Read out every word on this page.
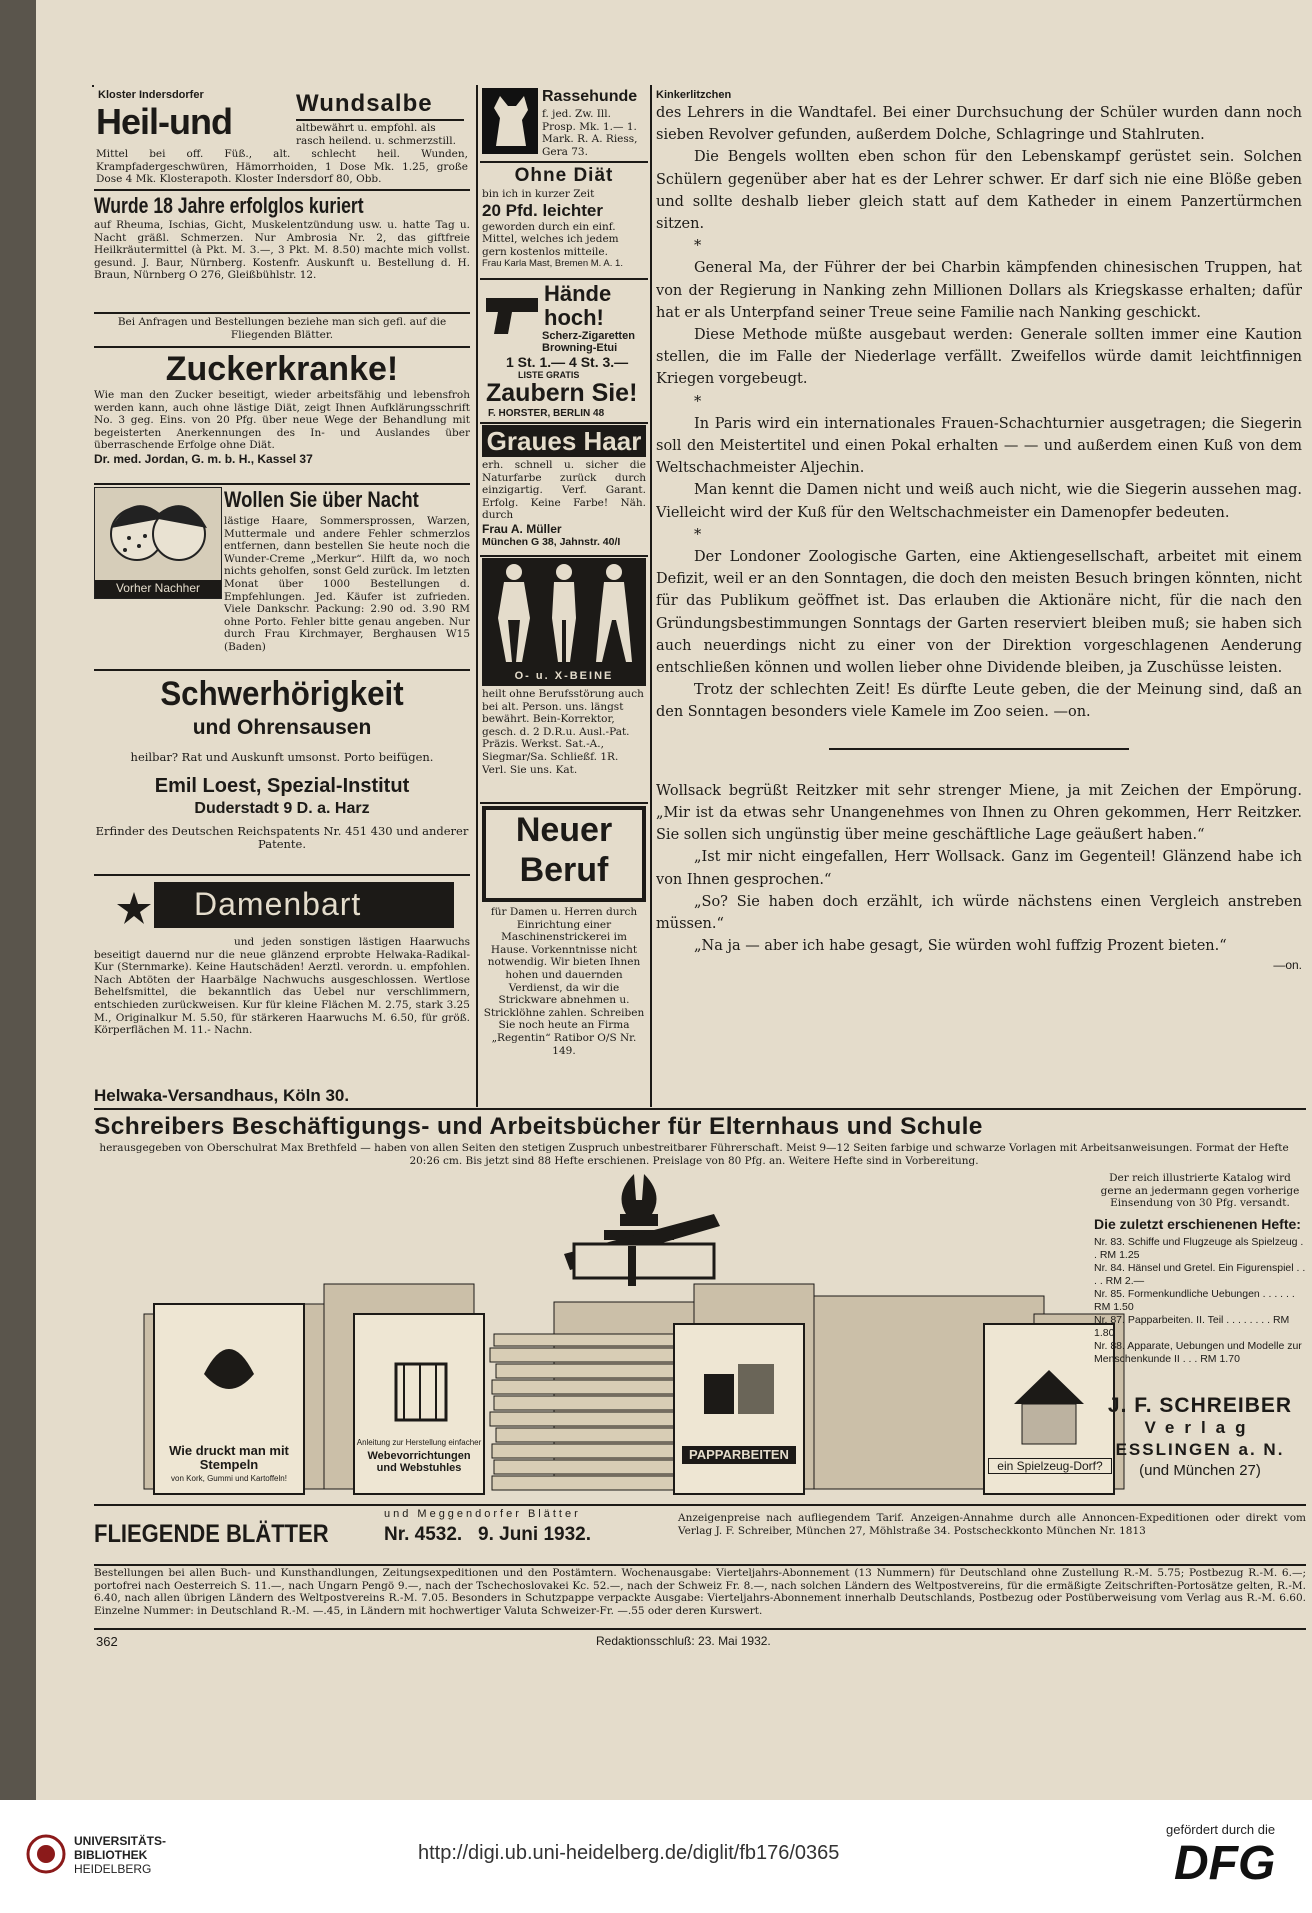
Kloster Indersdorfer
Heil-und	Wundsalbe
altbewährt u. empfohl. als rasch heilend. u. schmerzstill.
Mittel bei off. Füß., alt. schlecht heil. Wunden, Krampfadergeschwüren, Hämorrhoiden, 1 Dose Mk. 1.25, große Dose 4 Mk. Klosterapoth. Kloster Indersdorf 80, Obb.
Wurde 18 Jahre erfolglos kuriert
auf Rheuma, Ischias, Gicht, Muskelentzündung usw. u. hatte Tag u. Nacht gräßl. Schmerzen. Nur Ambrosia Nr. 2, das giftfreie Heilkräutermittel (à Pkt. M. 3.—, 3 Pkt. M. 8.50) machte mich vollst. gesund. J. Baur, Nürnberg. Kostenfr. Auskunft u. Bestellung d. H. Braun, Nürnberg O 276, Gleißbühlstr. 12.
Bei Anfragen und Bestellungen beziehe man sich gefl. auf die Fliegenden Blätter.
Zuckerkranke!
Wie man den Zucker beseitigt, wieder arbeitsfähig und lebensfroh werden kann, auch ohne lästige Diät, zeigt Ihnen Aufklärungsschrift No. 3 geg. Eins. von 20 Pfg. über neue Wege der Behandlung mit begeisterten Anerkennungen des In- und Auslandes über überraschende Erfolge ohne Diät.
Dr. med. Jordan, G. m. b. H., Kassel 37
Vorher Nachher
Wollen Sie über Nacht
lästige Haare, Sommersprossen, Warzen, Muttermale und andere Fehler schmerzlos entfernen, dann bestellen Sie heute noch die Wunder-Creme „Merkur“. Hilft da, wo noch nichts geholfen, sonst Geld zurück. Im letzten Monat über 1000 Bestellungen d. Empfehlungen. Jed. Käufer ist zufrieden. Viele Dankschr. Packung: 2.90 od. 3.90 RM ohne Porto. Fehler bitte genau angeben. Nur durch Frau Kirchmayer, Berghausen W15 (Baden)
Schwerhörigkeit
und Ohrensausen
heilbar? Rat und Auskunft umsonst. Porto beifügen.
Emil Loest, Spezial-Institut
Duderstadt 9 D. a. Harz
Erfinder des Deutschen Reichspatents Nr. 451 430 und anderer Patente.
Damenbart
und jeden sonstigen lästigen Haarwuchs beseitigt dauernd nur die neue glänzend erprobte Helwaka-Radikal-Kur (Sternmarke). Keine Hautschäden! Aerztl. verordn. u. empfohlen. Nach Abtöten der Haarbälge Nachwuchs ausgeschlossen. Wertlose Behelfsmittel, die bekanntlich das Uebel nur verschlimmern, entschieden zurückweisen. Kur für kleine Flächen M. 2.75, stark 3.25 M., Originalkur M. 5.50, für stärkeren Haarwuchs M. 6.50, für größ. Körperflächen M. 11.- Nachn.
Helwaka-Versandhaus, Köln 30.
Rassehunde
f. jed. Zw. Ill. Prosp. Mk. 1.— 1. Mark. R. A. Riess, Gera 73.
Ohne Diät
bin ich in kurzer Zeit
20 Pfd. leichter
geworden durch ein einf. Mittel, welches ich jedem gern kostenlos mitteile.
Frau Karla Mast, Bremen M. A. 1.
Hände hoch!
Scherz-Zigaretten Browning-Etui
1 St. 1.— 4 St. 3.—
LISTE GRATIS
Zaubern Sie!
F. HORSTER, BERLIN 48
Graues Haar
erh. schnell u. sicher die Naturfarbe zurück durch einzigartig. Verf. Garant. Erfolg. Keine Farbe! Näh. durch
Frau A. Müller
München G 38, Jahnstr. 40/I
O- u. X-BEINE
heilt ohne Berufsstörung auch bei alt. Person. uns. längst bewährt. Bein-Korrektor, gesch. d. 2 D.R.u. Ausl.-Pat. Präzis. Werkst. Sat.-A., Siegmar/Sa. Schließf. 1R. Verl. Sie uns. Kat.
Neuer
Beruf
für Damen u. Herren durch Einrichtung einer Maschinenstrickerei im Hause. Vorkenntnisse nicht notwendig. Wir bieten Ihnen hohen und dauernden Verdienst, da wir die Strickware abnehmen u. Stricklöhne zahlen. Schreiben Sie noch heute an Firma „Regentin“ Ratibor O/S Nr. 149.
Kinkerlitzchen

des Lehrers in die Wandtafel. Bei einer Durchsuchung der Schüler wurden dann noch sieben Revolver gefunden, außerdem Dolche, Schlagringe und Stahlruten.

Die Bengels wollten eben schon für den Lebenskampf gerüstet sein. Solchen Schülern gegenüber aber hat es der Lehrer schwer. Er darf sich nie eine Blöße geben und sollte deshalb lieber gleich statt auf dem Katheder in einem Panzertürmchen sitzen.

*

General Ma, der Führer der bei Charbin kämpfenden chinesischen Truppen, hat von der Regierung in Nanking zehn Millionen Dollars als Kriegskasse erhalten; dafür hat er als Unterpfand seiner Treue seine Familie nach Nanking geschickt.

Diese Methode müßte ausgebaut werden: Generale sollten immer eine Kaution stellen, die im Falle der Niederlage verfällt. Zweifellos würde damit leichtfinnigen Kriegen vorgebeugt.

*

In Paris wird ein internationales Frauen-Schachturnier ausgetragen; die Siegerin soll den Meistertitel und einen Pokal erhalten — — und außerdem einen Kuß von dem Weltschachmeister Aljechin.

Man kennt die Damen nicht und weiß auch nicht, wie die Siegerin aussehen mag. Vielleicht wird der Kuß für den Weltschachmeister ein Damenopfer bedeuten.

*

Der Londoner Zoologische Garten, eine Aktiengesellschaft, arbeitet mit einem Defizit, weil er an den Sonntagen, die doch den meisten Besuch bringen könnten, nicht für das Publikum geöffnet ist. Das erlauben die Aktionäre nicht, für die nach den Gründungsbestimmungen Sonntags der Garten reserviert bleiben muß; sie haben sich auch neuerdings nicht zu einer von der Direktion vorgeschlagenen Aenderung entschließen können und wollen lieber ohne Dividende bleiben, ja Zuschüsse leisten.

Trotz der schlechten Zeit! Es dürfte Leute geben, die der Meinung sind, daß an den Sonntagen besonders viele Kamele im Zoo seien. —on.

Wollsack begrüßt Reitzker mit sehr strenger Miene, ja mit Zeichen der Empörung. „Mir ist da etwas sehr Unangenehmes von Ihnen zu Ohren gekommen, Herr Reitzker. Sie sollen sich ungünstig über meine geschäftliche Lage geäußert haben.“

„Ist mir nicht eingefallen, Herr Wollsack. Ganz im Gegenteil! Glänzend habe ich von Ihnen gesprochen.“

„So? Sie haben doch erzählt, ich würde nächstens einen Vergleich anstreben müssen.“

„Na ja — aber ich habe gesagt, Sie würden wohl fuffzig Prozent bieten.“

—on.
Schreibers Beschäftigungs- und Arbeitsbücher für Elternhaus und Schule
herausgegeben von Oberschulrat Max Brethfeld — haben von allen Seiten den stetigen Zuspruch unbestreitbarer Führerschaft. Meist 9—12 Seiten farbige und schwarze Vorlagen mit Arbeitsanweisungen. Format der Hefte 20:26 cm. Bis jetzt sind 88 Hefte erschienen. Preislage von 80 Pfg. an. Weitere Hefte sind in Vorbereitung.
Wie druckt man mit Stempeln
von Kork, Gummi und Kartoffeln!
Anleitung zur Herstellung einfacher
Webevorrichtungen und Webstuhles
PAPPARBEITEN
ein Spielzeug-Dorf?
Der reich illustrierte Katalog wird gerne an jedermann gegen vorherige Einsendung von 30 Pfg. versandt.
Die zuletzt erschienenen Hefte:
Nr. 83. Schiffe und Flugzeuge als Spielzeug . . RM 1.25
Nr. 84. Hänsel und Gretel. Ein Figurenspiel . . . . RM 2.—
Nr. 85. Formenkundliche Uebungen . . . . . . RM 1.50
Nr. 87. Papparbeiten. II. Teil . . . . . . . . RM 1.80
Nr. 88. Apparate, Uebungen und Modelle zur Menschenkunde II . . . RM 1.70
J. F. SCHREIBER
Verlag
ESSLINGEN a. N.
(und München 27)
FLIEGENDE BLÄTTER
und Meggendorfer Blätter
Nr. 4532. 9. Juni 1932.
Anzeigenpreise nach aufliegendem Tarif. Anzeigen-Annahme durch alle Annoncen-Expeditionen oder direkt vom Verlag J. F. Schreiber, München 27, Möhlstraße 34. Postscheckkonto München Nr. 1813
Bestellungen bei allen Buch- und Kunsthandlungen, Zeitungsexpeditionen und den Postämtern. Wochenausgabe: Vierteljahrs-Abonnement (13 Nummern) für Deutschland ohne Zustellung R.-M. 5.75; Postbezug R.-M. 6.—; portofrei nach Oesterreich S. 11.—, nach Ungarn Pengö 9.—, nach der Tschechoslovakei Kc. 52.—, nach der Schweiz Fr. 8.—, nach solchen Ländern des Weltpostvereins, für die ermäßigte Zeitschriften-Portosätze gelten, R.-M. 6.40, nach allen übrigen Ländern des Weltpostvereins R.-M. 7.05. Besonders in Schutzpappe verpackte Ausgabe: Vierteljahrs-Abonnement innerhalb Deutschlands, Postbezug oder Postüberweisung vom Verlag aus R.-M. 6.60. Einzelne Nummer: in Deutschland R.-M. —.45, in Ländern mit hochwertiger Valuta Schweizer-Fr. —.55 oder deren Kurswert.
362	Redaktionsschluß: 23. Mai 1932.
UNIVERSITÄTS-
BIBLIOTHEK
HEIDELBERG
http://digi.ub.uni-heidelberg.de/diglit/fb176/0365
gefördert durch die
DFG
